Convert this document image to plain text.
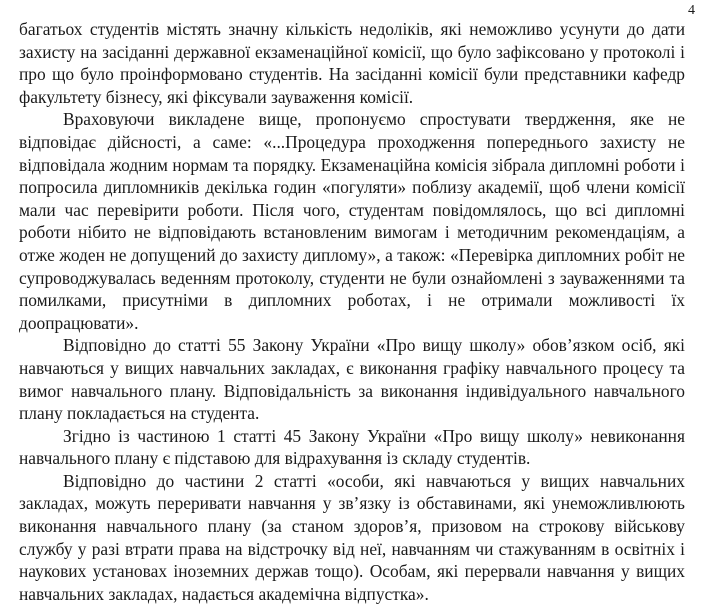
4

багатьох студентів містять значну кількість недоліків, які неможливо усунути до дати захисту на засіданні державної екзаменаційної комісії, що було зафіксовано у протоколі і про що було проінформовано студентів. На засіданні комісії були представники кафедр факультету бізнесу, які фіксували зауваження комісії.

Враховуючи викладене вище, пропонуємо спростувати твердження, яке не відповідає дійсності, а саме: «...Процедура проходження попереднього захисту не відповідала жодним нормам та порядку. Екзаменаційна комісія зібрала дипломні роботи і попросила дипломників декілька годин «погуляти» поблизу академії, щоб члени комісії мали час перевірити роботи. Після чого, студентам повідомлялось, що всі дипломні роботи нібито не відповідають встановленим вимогам і методичним рекомендаціям, а отже жоден не допущений до захисту диплому», а також: «Перевірка дипломних робіт не супроводжувалась веденням протоколу, студенти не були ознайомлені з зауваженнями та помилками, присутніми в дипломних роботах, і не отримали можливості їх доопрацювати».

Відповідно до статті 55 Закону України «Про вищу школу» обов’язком осіб, які навчаються у вищих навчальних закладах, є виконання графіку навчального процесу та вимог навчального плану. Відповідальність за виконання індивідуального навчального плану покладається на студента.

Згідно із частиною 1 статті 45 Закону України «Про вищу школу» невиконання навчального плану є підставою для відрахування із складу студентів.

Відповідно до частини 2 статті «особи, які навчаються у вищих навчальних закладах, можуть переривати навчання у зв’язку із обставинами, які унеможливлюють виконання навчального плану (за станом здоров’я, призовом на строкову військову службу у разі втрати права на відстрочку від неї, навчанням чи стажуванням в освітніх і наукових установах іноземних держав тощо). Особам, які перервали навчання у вищих навчальних закладах, надається академічна відпустка».
